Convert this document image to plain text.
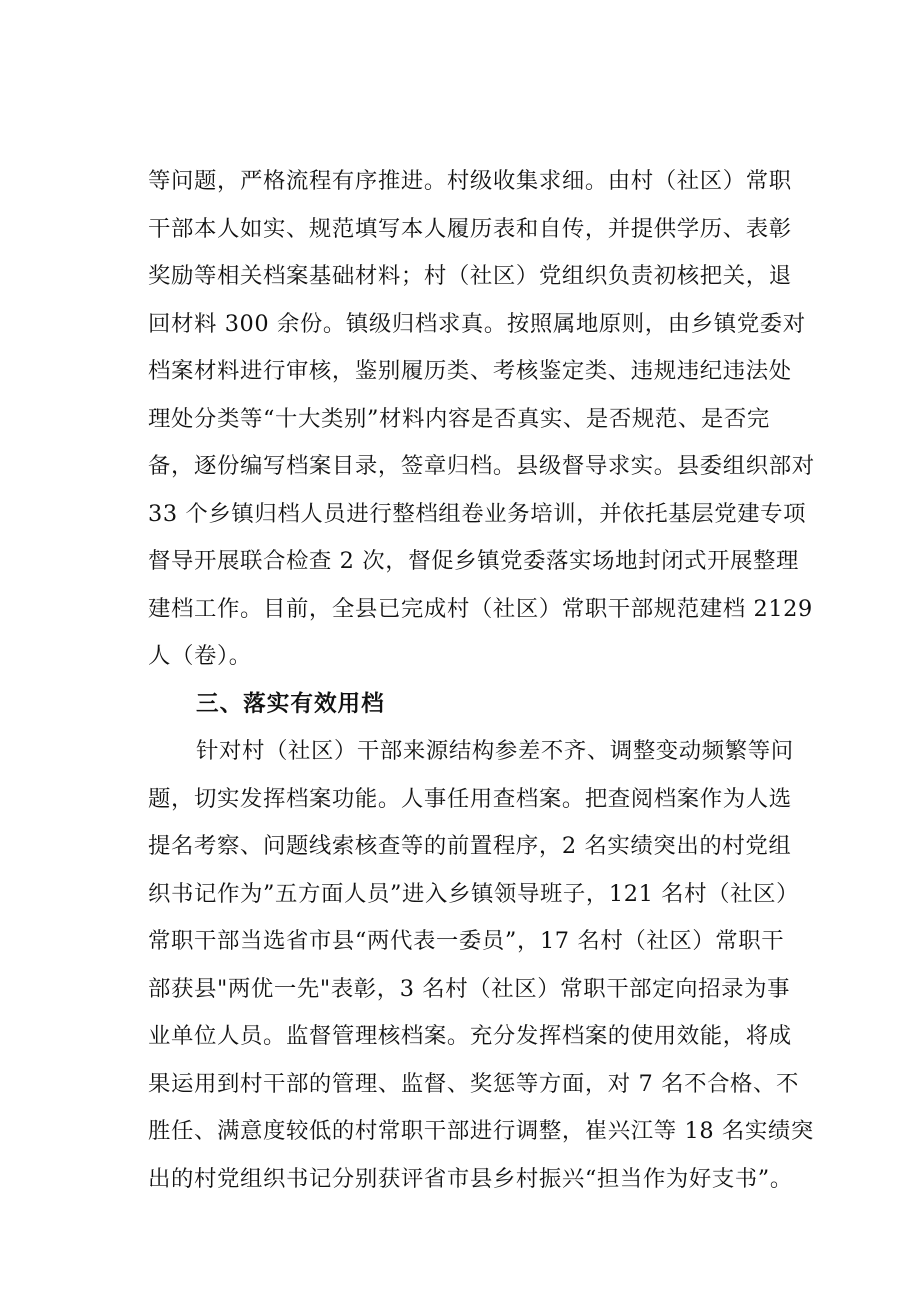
等问题，严格流程有序推进。村级收集求细。由村（社区）常职
干部本人如实、规范填写本人履历表和自传，并提供学历、表彰
奖励等相关档案基础材料；村（社区）党组织负责初核把关，退
回材料 300 余份。镇级归档求真。按照属地原则，由乡镇党委对
档案材料进行审核，鉴别履历类、考核鉴定类、违规违纪违法处
理处分类等“十大类别”材料内容是否真实、是否规范、是否完
备，逐份编写档案目录，签章归档。县级督导求实。县委组织部对
33 个乡镇归档人员进行整档组卷业务培训，并依托基层党建专项
督导开展联合检查 2 次，督促乡镇党委落实场地封闭式开展整理
建档工作。目前，全县已完成村（社区）常职干部规范建档 2129
人（卷）。
三、落实有效用档
针对村（社区）干部来源结构参差不齐、调整变动频繁等问
题，切实发挥档案功能。人事任用查档案。把查阅档案作为人选
提名考察、问题线索核查等的前置程序，2 名实绩突出的村党组
织书记作为”五方面人员”进入乡镇领导班子，121 名村（社区）
常职干部当选省市县“两代表一委员”，17 名村（社区）常职干
部获县"两优一先"表彰，3 名村（社区）常职干部定向招录为事
业单位人员。监督管理核档案。充分发挥档案的使用效能，将成
果运用到村干部的管理、监督、奖惩等方面，对 7 名不合格、不
胜任、满意度较低的村常职干部进行调整，崔兴江等 18 名实绩突
出的村党组织书记分别获评省市县乡村振兴“担当作为好支书”。
